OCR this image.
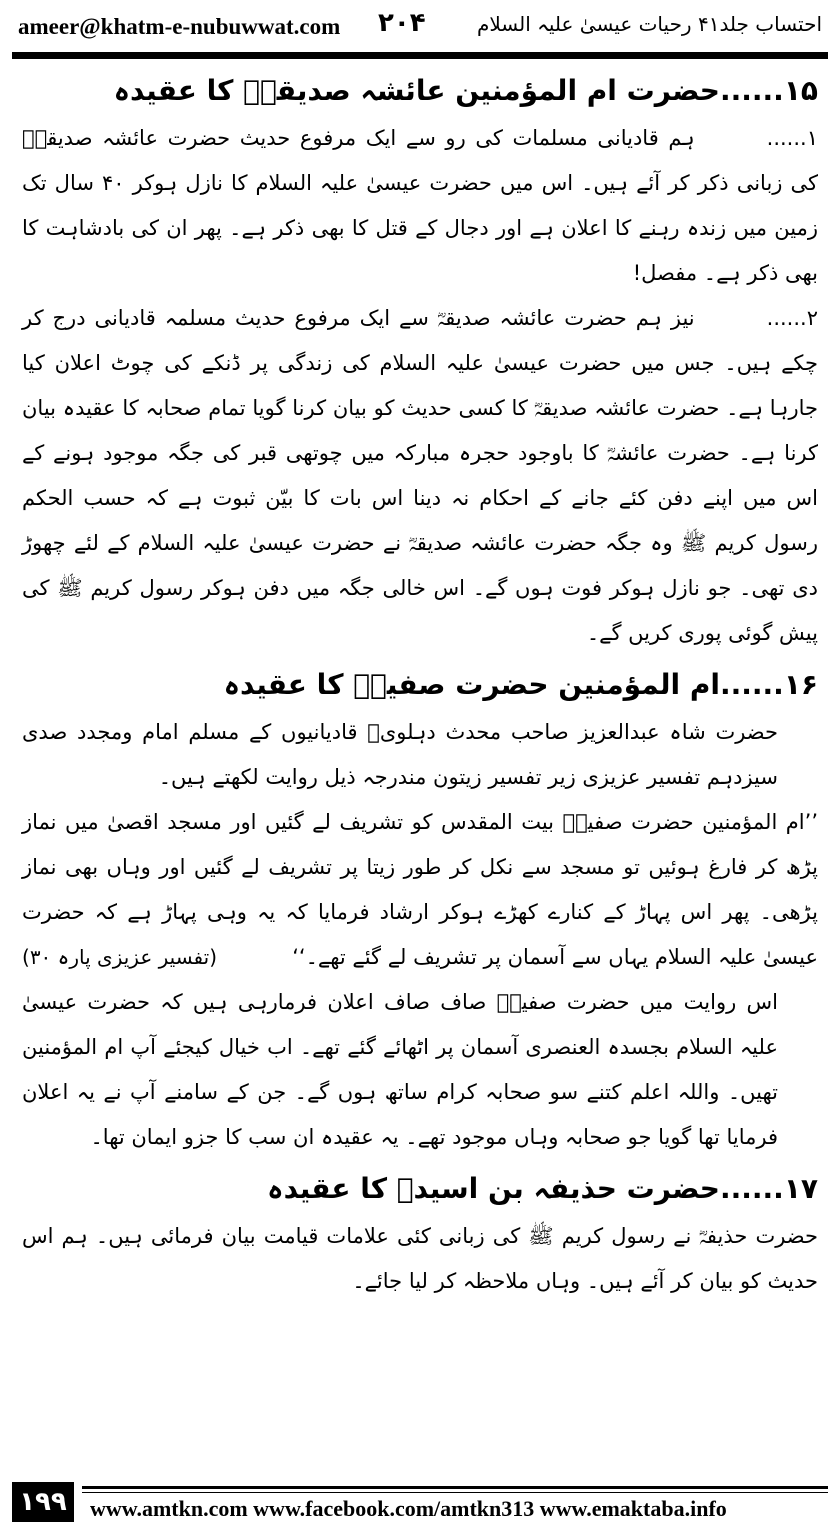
ameer@khatm-e-nubuwwat.com ۲۰۴	احتساب جلد۴۱ رحیات عیسیٰ علیہ السلام
۱۵......حضرت ام المؤمنین عائشہ صدیقہؓ کا عقیدہ

۱......ہم قادیانی مسلمات کی رو سے ایک مرفوع حدیث حضرت عائشہ صدیقہؓ کی زبانی ذکر کر آئے ہیں۔ اس میں حضرت عیسیٰ علیہ السلام کا نازل ہوکر ۴۰ سال تک زمین میں زندہ رہنے کا اعلان ہے اور دجال کے قتل کا بھی ذکر ہے۔ پھر ان کی بادشاہت کا بھی ذکر ہے۔ مفصل!

۲......نیز ہم حضرت عائشہ صدیقہؓ سے ایک مرفوع حدیث مسلمہ قادیانی درج کر چکے ہیں۔ جس میں حضرت عیسیٰ علیہ السلام کی زندگی پر ڈنکے کی چوٹ اعلان کیا جارہا ہے۔ حضرت عائشہ صدیقہؓ کا کسی حدیث کو بیان کرنا گویا تمام صحابہ کا عقیدہ بیان کرنا ہے۔ حضرت عائشہؓ کا باوجود حجرہ مبارکہ میں چوتھی قبر کی جگہ موجود ہونے کے اس میں اپنے دفن کئے جانے کے احکام نہ دینا اس بات کا بیّن ثبوت ہے کہ حسب الحکم رسول کریم ﷺ وہ جگہ حضرت عائشہ صدیقہؓ نے حضرت عیسیٰ علیہ السلام کے لئے چھوڑ دی تھی۔ جو نازل ہوکر فوت ہوں گے۔ اس خالی جگہ میں دفن ہوکر رسول کریم ﷺ کی پیش گوئی پوری کریں گے۔

۱۶......ام المؤمنین حضرت صفیہؓ کا عقیدہ

حضرت شاہ عبدالعزیز صاحب محدث دہلویؒ قادیانیوں کے مسلم امام ومجدد صدی سیزدہم تفسیر عزیزی زیر تفسیر زیتون مندرجہ ذیل روایت لکھتے ہیں۔

’’ام المؤمنین حضرت صفیہؓ بیت المقدس کو تشریف لے گئیں اور مسجد اقصیٰ میں نماز پڑھ کر فارغ ہوئیں تو مسجد سے نکل کر طور زیتا پر تشریف لے گئیں اور وہاں بھی نماز پڑھی۔ پھر اس پہاڑ کے کنارے کھڑے ہوکر ارشاد فرمایا کہ یہ وہی پہاڑ ہے کہ حضرت عیسیٰ علیہ السلام یہاں سے آسمان پر تشریف لے گئے تھے۔‘‘
(تفسیر عزیزی پارہ ۳۰)

اس روایت میں حضرت صفیہؓ صاف صاف اعلان فرمارہی ہیں کہ حضرت عیسیٰ علیہ السلام بجسدہ العنصری آسمان پر اٹھائے گئے تھے۔ اب خیال کیجئے آپ ام المؤمنین تھیں۔ واللہ اعلم کتنے سو صحابہ کرام ساتھ ہوں گے۔ جن کے سامنے آپ نے یہ اعلان فرمایا تھا گویا جو صحابہ وہاں موجود تھے۔ یہ عقیدہ ان سب کا جزو ایمان تھا۔

۱۷......حضرت حذیفہ بن اسیدؓ کا عقیدہ

حضرت حذیفہؓ نے رسول کریم ﷺ کی زبانی کئی علامات قیامت بیان فرمائی ہیں۔ ہم اس حدیث کو بیان کر آئے ہیں۔ وہاں ملاحظہ کر لیا جائے۔

۱۹۹	www.amtkn.com www.facebook.com/amtkn313 www.emaktaba.info
